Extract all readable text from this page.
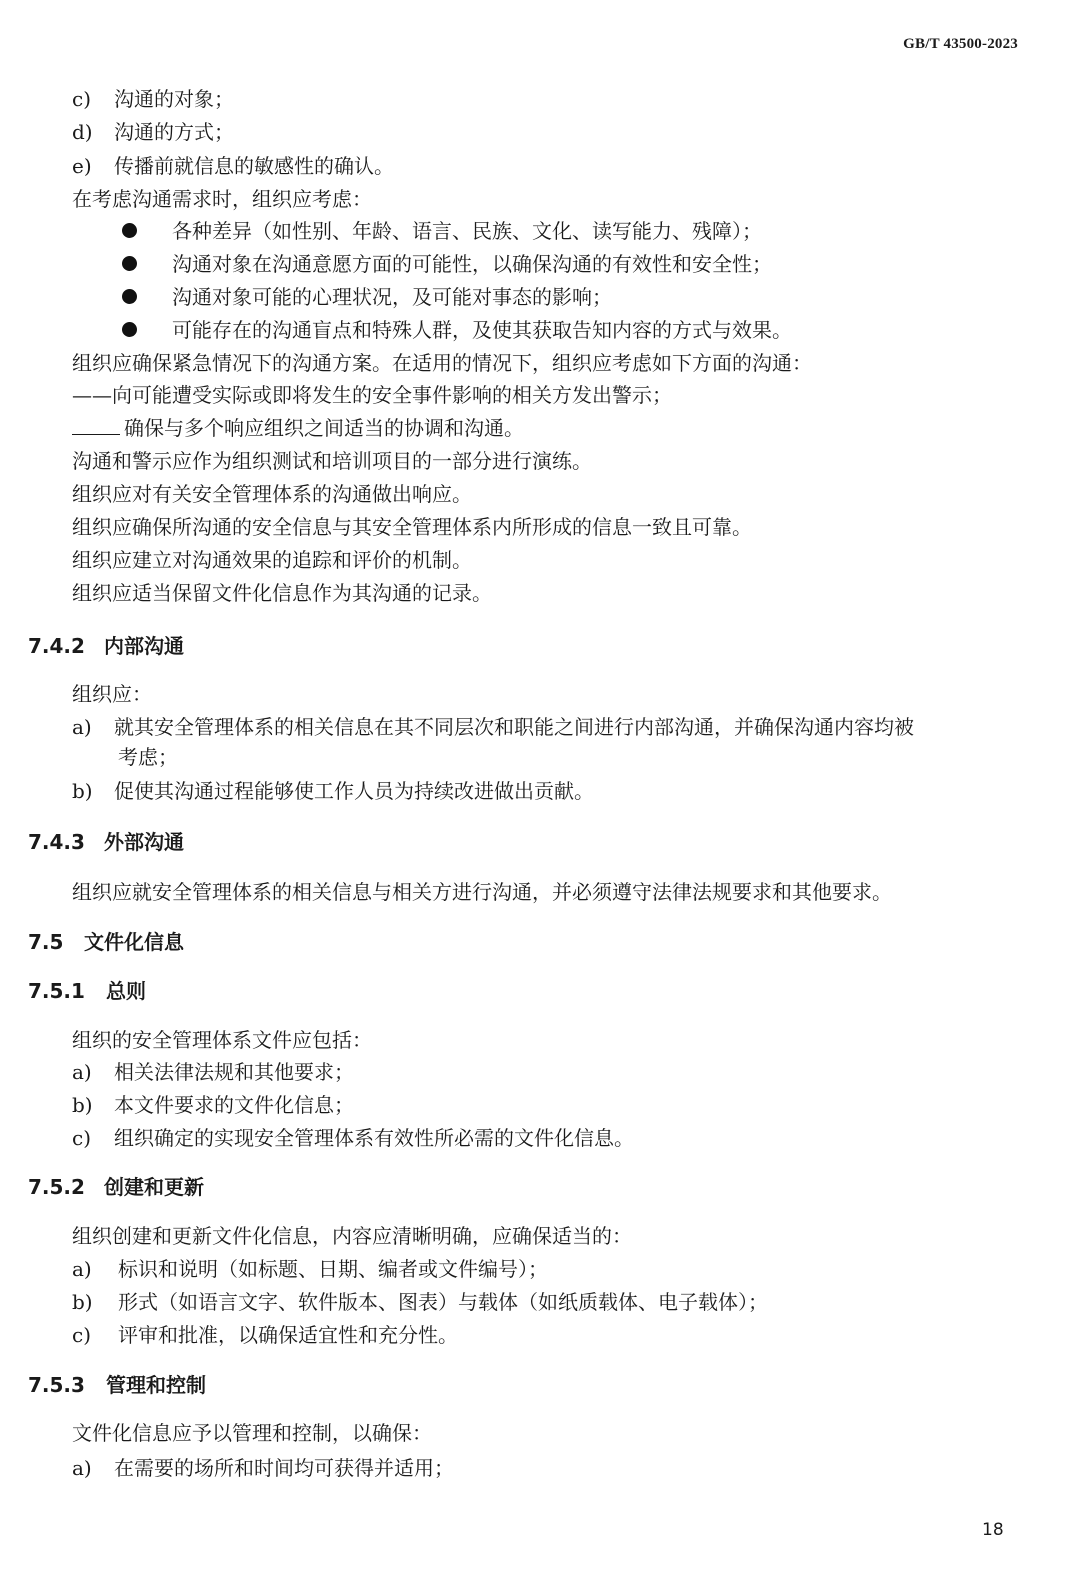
GB/T 43500-2023
c) 沟通的对象；
d) 沟通的方式；
e) 传播前就信息的敏感性的确认。
在考虑沟通需求时，组织应考虑：
各种差异（如性别、年龄、语言、民族、文化、读写能力、残障）；
沟通对象在沟通意愿方面的可能性，以确保沟通的有效性和安全性；
沟通对象可能的心理状况，及可能对事态的影响；
可能存在的沟通盲点和特殊人群，及使其获取告知内容的方式与效果。
组织应确保紧急情况下的沟通方案。在适用的情况下，组织应考虑如下方面的沟通：
——向可能遭受实际或即将发生的安全事件影响的相关方发出警示；
确保与多个响应组织之间适当的协调和沟通。
沟通和警示应作为组织测试和培训项目的一部分进行演练。
组织应对有关安全管理体系的沟通做出响应。
组织应确保所沟通的安全信息与其安全管理体系内所形成的信息一致且可靠。
组织应建立对沟通效果的追踪和评价的机制。
组织应适当保留文件化信息作为其沟通的记录。
7.4.2 内部沟通
组织应：
a) 就其安全管理体系的相关信息在其不同层次和职能之间进行内部沟通，并确保沟通内容均被
考虑；
b) 促使其沟通过程能够使工作人员为持续改进做出贡献。
7.4.3 外部沟通
组织应就安全管理体系的相关信息与相关方进行沟通，并必须遵守法律法规要求和其他要求。
7.5 文件化信息
7.5.1 总则
组织的安全管理体系文件应包括：
a) 相关法律法规和其他要求；
b) 本文件要求的文件化信息；
c) 组织确定的实现安全管理体系有效性所必需的文件化信息。
7.5.2 创建和更新
组织创建和更新文件化信息，内容应清晰明确，应确保适当的：
a) 标识和说明（如标题、日期、编者或文件编号）；
b) 形式（如语言文字、软件版本、图表）与载体（如纸质载体、电子载体）；
c) 评审和批准，以确保适宜性和充分性。
7.5.3 管理和控制
文件化信息应予以管理和控制，以确保：
a) 在需要的场所和时间均可获得并适用；
18
